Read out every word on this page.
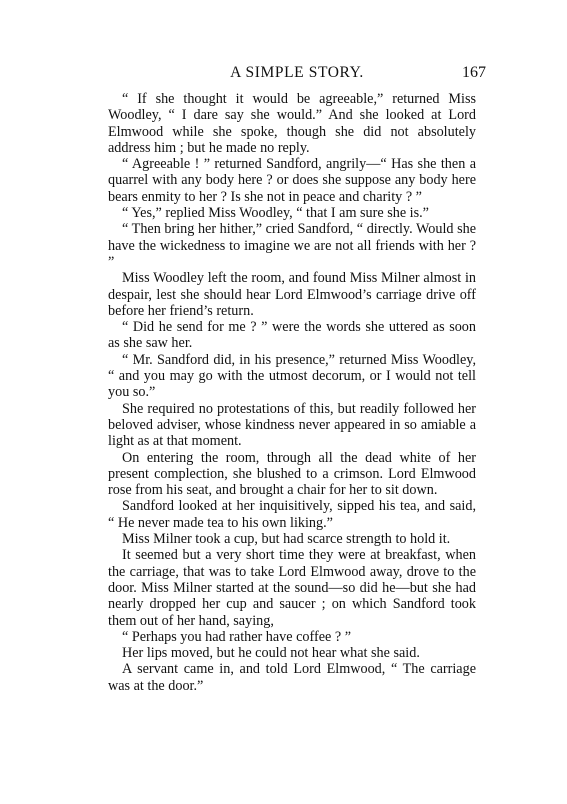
A SIMPLE STORY.	167

“ If she thought it would be agreeable,” returned Miss Woodley, “ I dare say she would.” And she looked at Lord Elmwood while she spoke, though she did not absolutely address him ; but he made no reply.

“ Agreeable ! ” returned Sandford, angrily—“ Has she then a quarrel with any body here ? or does she suppose any body here bears enmity to her ? Is she not in peace and charity ? ”

“ Yes,” replied Miss Woodley, “ that I am sure she is.”

“ Then bring her hither,” cried Sandford, “ directly. Would she have the wickedness to imagine we are not all friends with her ? ”

Miss Woodley left the room, and found Miss Milner almost in despair, lest she should hear Lord Elmwood’s carriage drive off before her friend’s return.

“ Did he send for me ? ” were the words she uttered as soon as she saw her.

“ Mr. Sandford did, in his presence,” returned Miss Woodley, “ and you may go with the utmost decorum, or I would not tell you so.”

She required no protestations of this, but readily followed her beloved adviser, whose kindness never appeared in so amiable a light as at that moment.

On entering the room, through all the dead white of her present complection, she blushed to a crimson. Lord Elmwood rose from his seat, and brought a chair for her to sit down.

Sandford looked at her inquisitively, sipped his tea, and said, “ He never made tea to his own liking.”

Miss Milner took a cup, but had scarce strength to hold it.

It seemed but a very short time they were at breakfast, when the carriage, that was to take Lord Elmwood away, drove to the door. Miss Milner started at the sound—so did he—but she had nearly dropped her cup and saucer ; on which Sandford took them out of her hand, saying,

“ Perhaps you had rather have coffee ? ”

Her lips moved, but he could not hear what she said.

A servant came in, and told Lord Elmwood, “ The carriage was at the door.”
